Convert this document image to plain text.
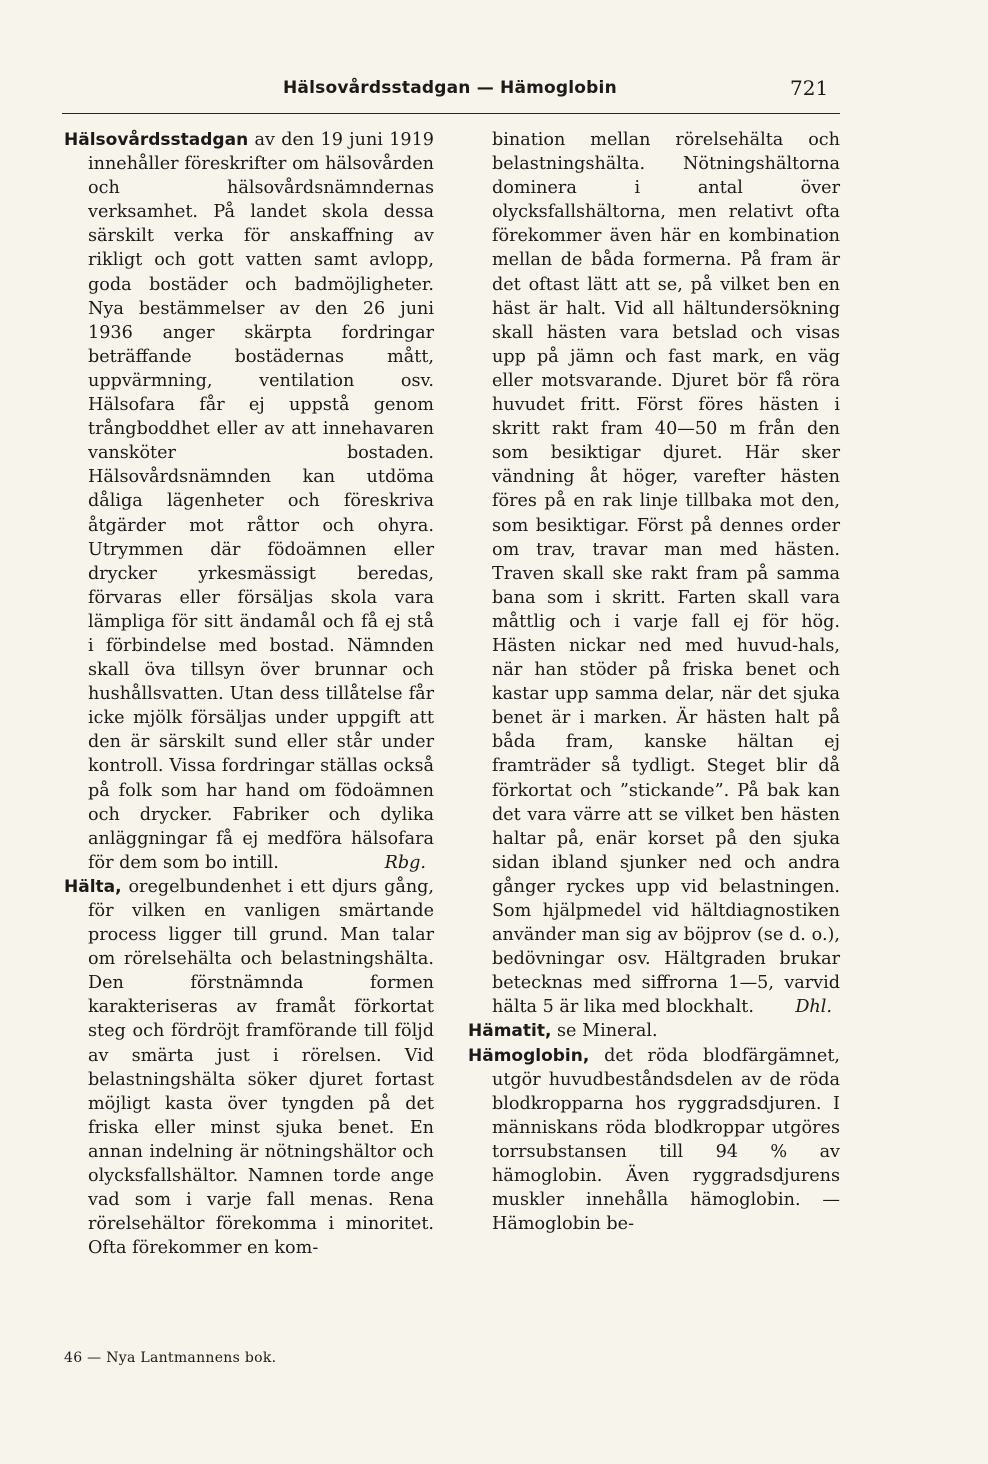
Hälsovårdsstadgan — Hämoglobin	721

Hälsovårdsstadgan av den 19 juni 1919 innehåller föreskrifter om hälsovården och hälsovårdsnämndernas verksamhet. På landet skola dessa särskilt verka för anskaffning av rikligt och gott vatten samt avlopp, goda bostäder och badmöjligheter. Nya bestämmelser av den 26 juni 1936 anger skärpta fordringar beträffande bostädernas mått, uppvärmning, ventilation osv. Hälsofara får ej uppstå genom trångboddhet eller av att innehavaren vansköter bostaden. Hälsovårdsnämnden kan utdöma dåliga lägenheter och föreskriva åtgärder mot råttor och ohyra. Utrymmen där födoämnen eller drycker yrkesmässigt beredas, förvaras eller försäljas skola vara lämpliga för sitt ändamål och få ej stå i förbindelse med bostad. Nämnden skall öva tillsyn över brunnar och hushållsvatten. Utan dess tillåtelse får icke mjölk försäljas under uppgift att den är särskilt sund eller står under kontroll. Vissa fordringar ställas också på folk som har hand om födoämnen och drycker. Fabriker och dylika anläggningar få ej medföra hälsofara för dem som bo intill.	Rbg.

Hälta, oregelbundenhet i ett djurs gång, för vilken en vanligen smärtande process ligger till grund. Man talar om rörelsehälta och belastningshälta. Den förstnämnda formen karakteriseras av framåt förkortat steg och fördröjt framförande till följd av smärta just i rörelsen. Vid belastningshälta söker djuret fortast möjligt kasta över tyngden på det friska eller minst sjuka benet. En annan indelning är nötningshältor och olycksfallshältor. Namnen torde ange vad som i varje fall menas. Rena rörelsehältor förekomma i minoritet. Ofta förekommer en kom-

bination mellan rörelsehälta och belastningshälta. Nötningshältorna dominera i antal över olycksfallshältorna, men relativt ofta förekommer även här en kombination mellan de båda formerna. På fram är det oftast lätt att se, på vilket ben en häst är halt. Vid all hältundersökning skall hästen vara betslad och visas upp på jämn och fast mark, en väg eller motsvarande. Djuret bör få röra huvudet fritt. Först föres hästen i skritt rakt fram 40—50 m från den som besiktigar djuret. Här sker vändning åt höger, varefter hästen föres på en rak linje tillbaka mot den, som besiktigar. Först på dennes order om trav, travar man med hästen. Traven skall ske rakt fram på samma bana som i skritt. Farten skall vara måttlig och i varje fall ej för hög. Hästen nickar ned med huvud-hals, när han stöder på friska benet och kastar upp samma delar, när det sjuka benet är i marken. Är hästen halt på båda fram, kanske hältan ej framträder så tydligt. Steget blir då förkortat och ”stickande”. På bak kan det vara värre att se vilket ben hästen haltar på, enär korset på den sjuka sidan ibland sjunker ned och andra gånger ryckes upp vid belastningen. Som hjälpmedel vid hältdiagnostiken använder man sig av böjprov (se d. o.), bedövningar osv. Hältgraden brukar betecknas med siffrorna 1—5, varvid hälta 5 är lika med blockhalt. Dhl.

Hämatit, se Mineral.

Hämoglobin, det röda blodfärgämnet, utgör huvudbeståndsdelen av de röda blodkropparna hos ryggradsdjuren. I människans röda blodkroppar utgöres torrsubstansen till 94 % av hämoglobin. Även ryggradsdjurens muskler innehålla hämoglobin. — Hämoglobin be-

46 — Nya Lantmannens bok.
